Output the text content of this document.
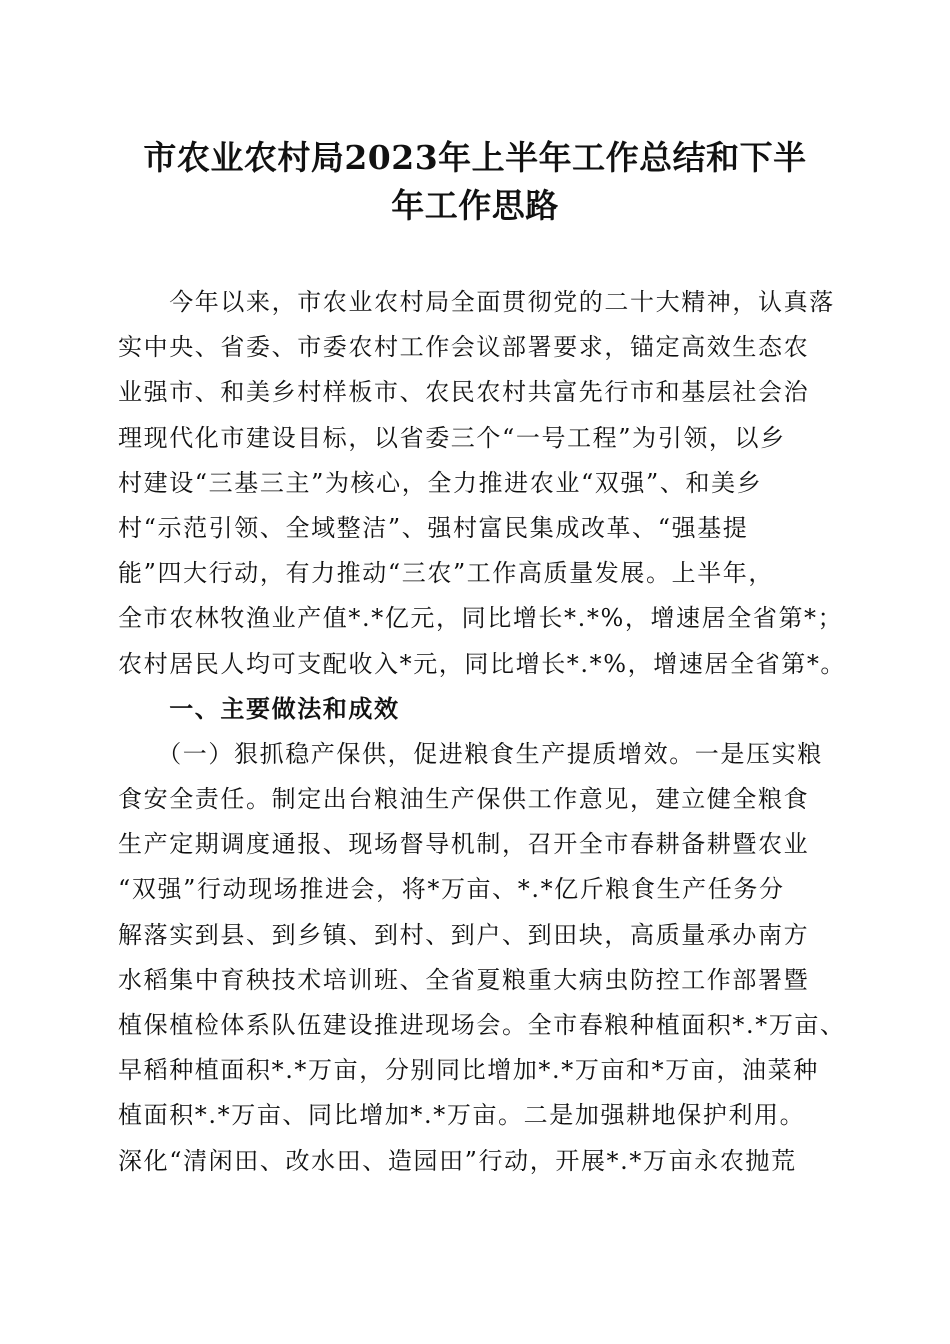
市农业农村局2023年上半年工作总结和下半
年工作思路
　　今年以来，市农业农村局全面贯彻党的二十大精神，认真落
实中央、省委、市委农村工作会议部署要求，锚定高效生态农
业强市、和美乡村样板市、农民农村共富先行市和基层社会治
理现代化市建设目标，以省委三个“一号工程”为引领，以乡
村建设“三基三主”为核心，全力推进农业“双强”、和美乡
村“示范引领、全域整洁”、强村富民集成改革、“强基提
能”四大行动，有力推动“三农”工作高质量发展。上半年，
全市农林牧渔业产值*.*亿元，同比增长*.*%，增速居全省第*；
农村居民人均可支配收入*元，同比增长*.*%，增速居全省第*。
　　一、主要做法和成效
　　（一）狠抓稳产保供，促进粮食生产提质增效。一是压实粮
食安全责任。制定出台粮油生产保供工作意见，建立健全粮食
生产定期调度通报、现场督导机制，召开全市春耕备耕暨农业
“双强”行动现场推进会，将*万亩、*.*亿斤粮食生产任务分
解落实到县、到乡镇、到村、到户、到田块，高质量承办南方
水稻集中育秧技术培训班、全省夏粮重大病虫防控工作部署暨
植保植检体系队伍建设推进现场会。全市春粮种植面积*.*万亩、
早稻种植面积*.*万亩，分别同比增加*.*万亩和*万亩，油菜种
植面积*.*万亩、同比增加*.*万亩。二是加强耕地保护利用。
深化“清闲田、改水田、造园田”行动，开展*.*万亩永农抛荒
